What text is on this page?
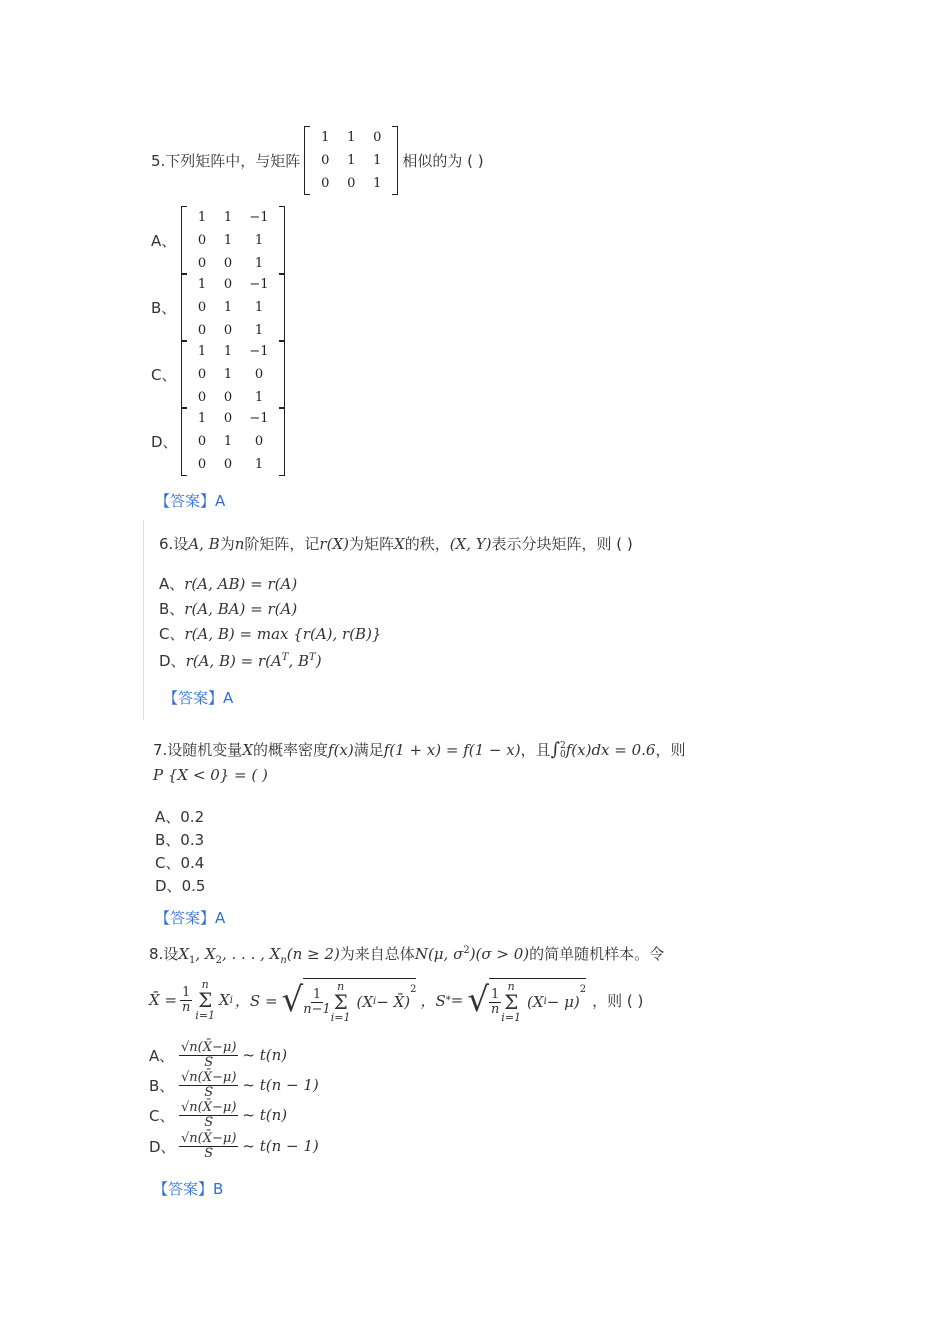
5.下列矩阵中，与矩阵
1	1	0
0	1	1
0	0	1
相似的为 ( )
A、
1	1	−1
0	1	1
0	0	1
B、
1	0	−1
0	1	1
0	0	1
C、
1	1	−1
0	1	0
0	0	1
D、
1	0	−1
0	1	0
0	0	1
【答案】A
6.设A, B为n阶矩阵，记r(X)为矩阵X的秩，(X, Y)表示分块矩阵，则 ( )
A、r(A, AB) = r(A)
B、r(A, BA) = r(A)
C、r(A, B) = max {r(A), r(B)}
D、r(A, $B) = r(A^T$, $B^T$)
【答案】A
7.设随机变量X的概率密度f(x)满足f(1 + x) = f(1 − x)，且∫ 2
0 f(x)dx = 0.6，则
P {X < 0} = ( )
A、0.2
B、0.3
C、0.4
D、0.5
【答案】A
8.设$X_1$, $X_2$, . . . , $X_n(n \ge 2)$为来自总体N(μ, $\sigma^2)(\sigma > 0)$的简单随机样本。令
X̄ = $\frac{1}{n}$
n
Σ
i=1
X i ，S = √ $\frac{1}{n-1}$
n
Σ
i=1
(X i − X̄)
$^2$
，S * = √ $\frac{1}{n}$
n
Σ
i=1
(X i − μ)
$^2$
，则 ( )
A、 $\frac{√n(X̄-\mu)}{S}$ ~ t(n)
B、 $\frac{√n(X̄-\mu)}{S}$ ~ t(n − 1)
C、 $\frac{√n(X̄-\mu)}{S}$ ~ t(n)
D、 $\frac{√n(X̄-\mu)}{S}$ ~ t(n − 1)
【答案】B
